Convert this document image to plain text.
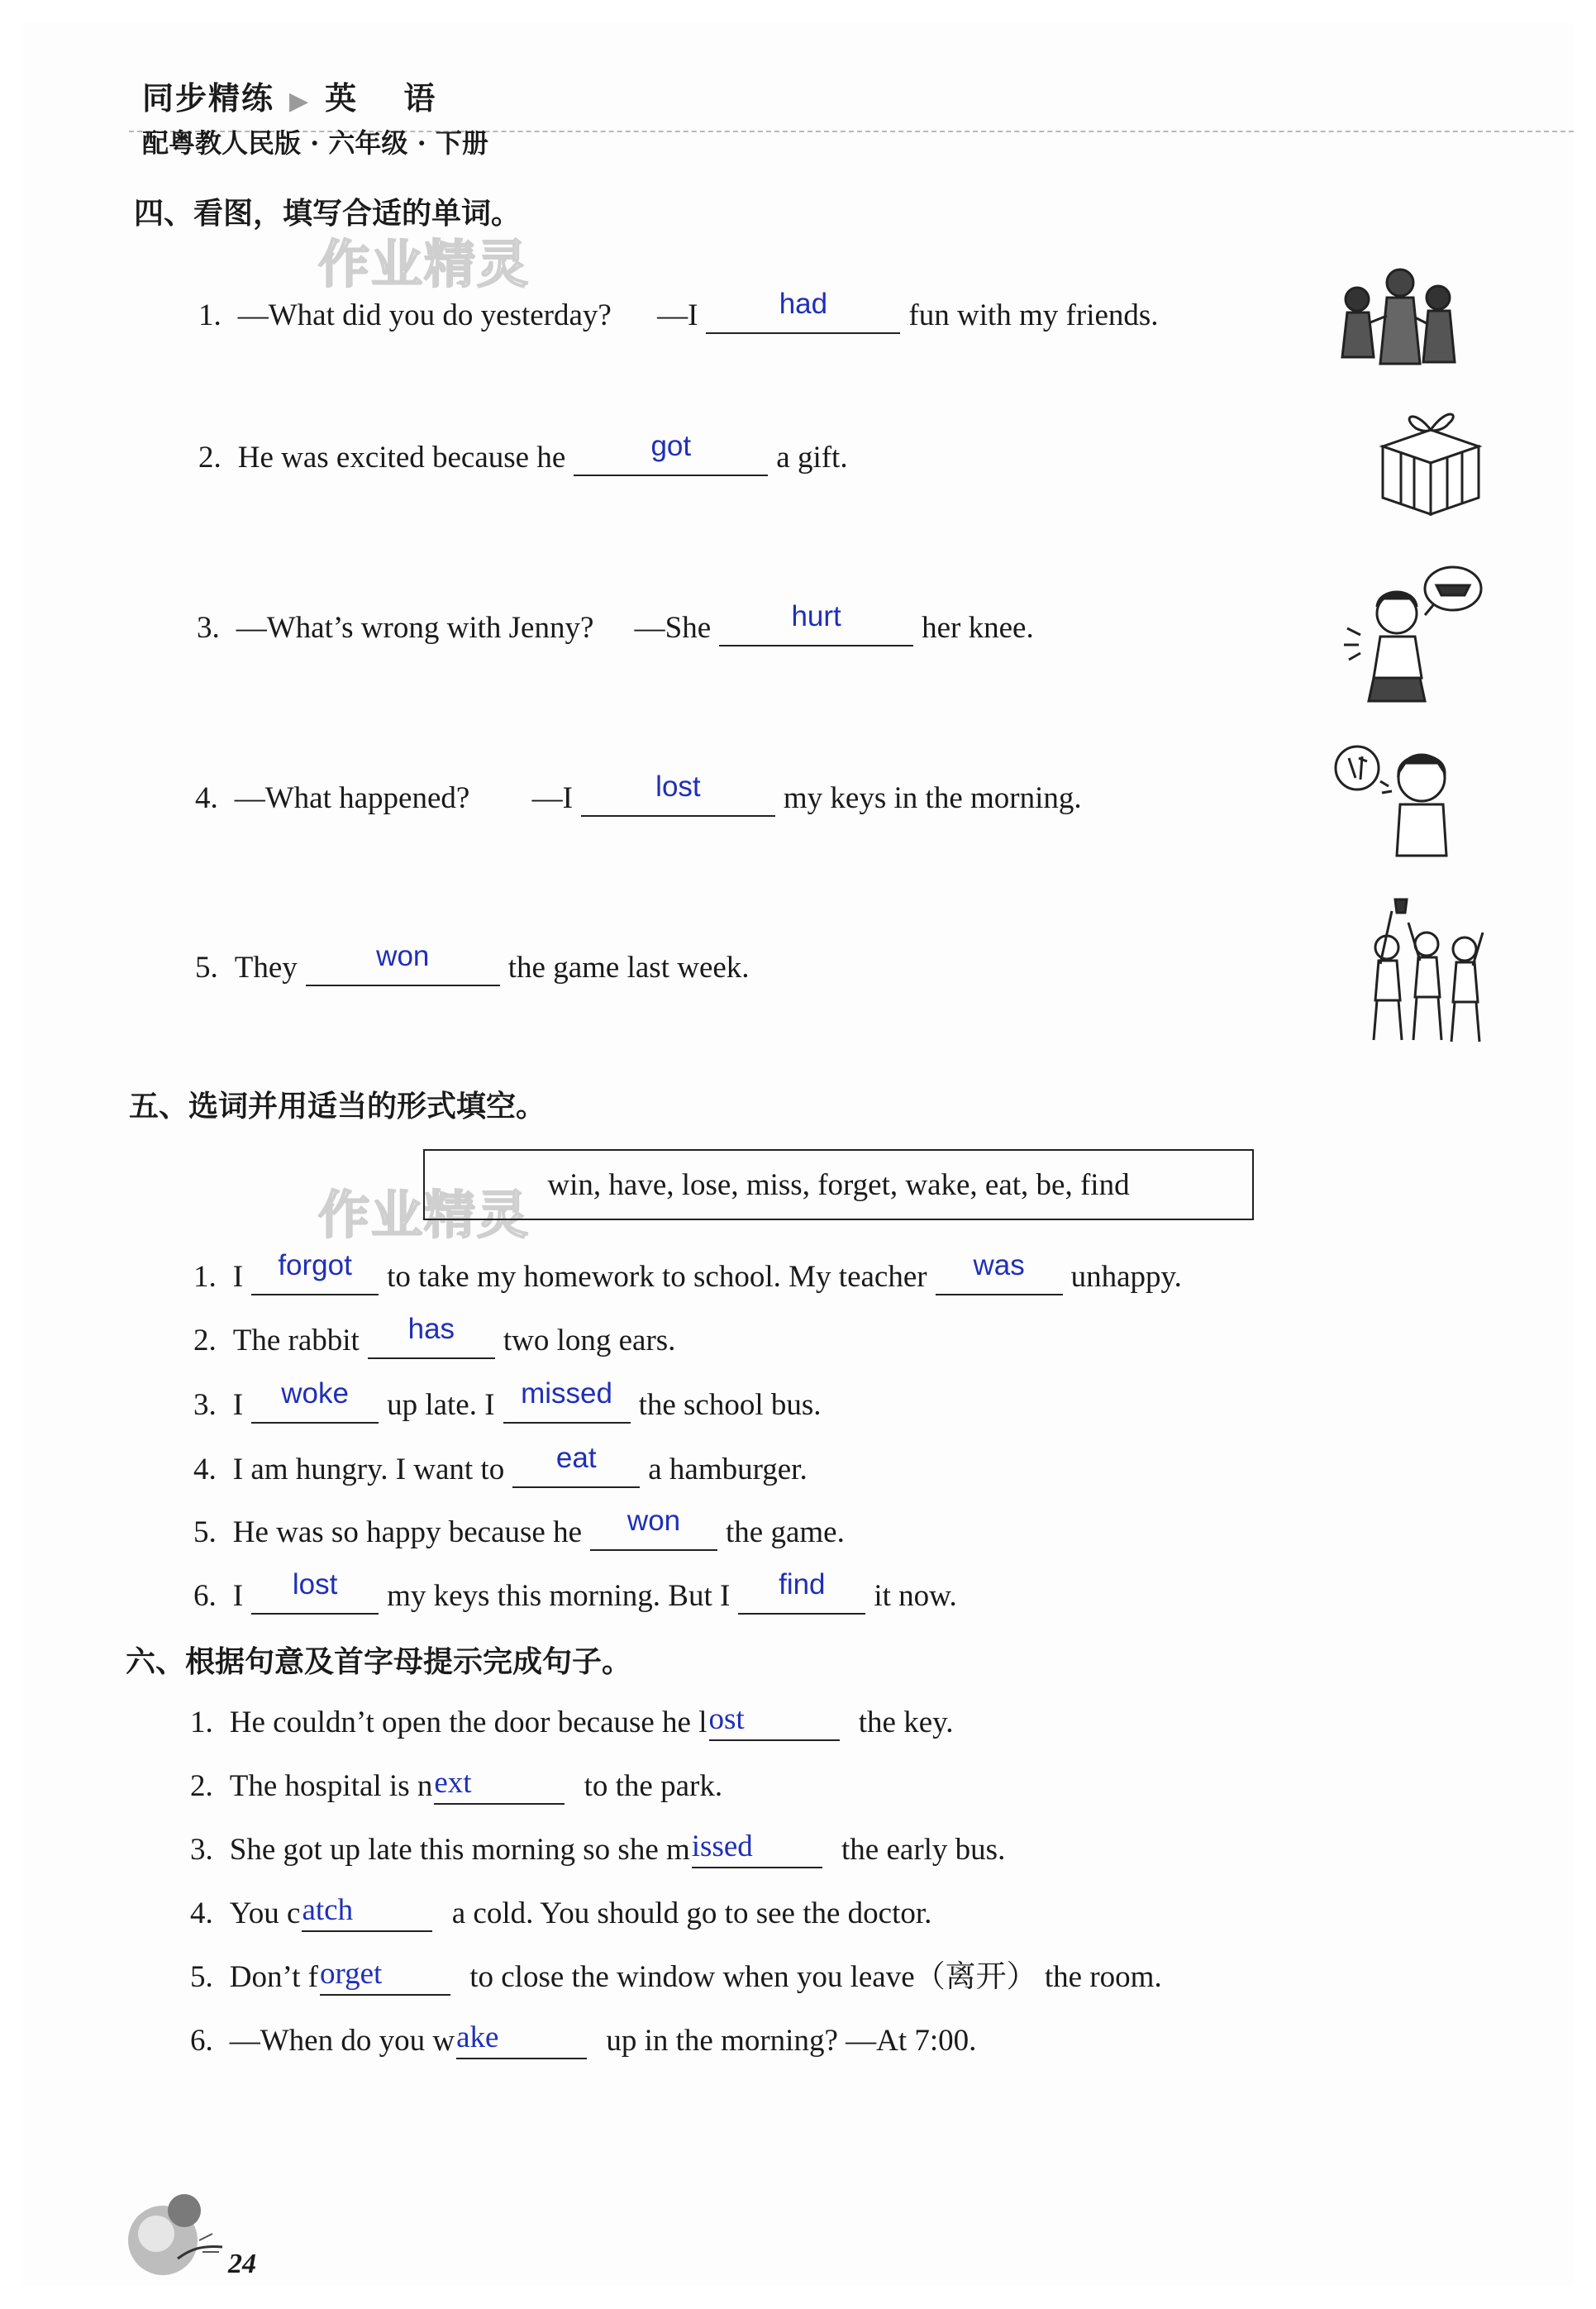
同步精练 ▶ 英 语
配粤教人民版 · 六年级 · 下册
作业精灵
作业精灵
四、看图，填写合适的单词。
1. —What did you do yesterday? —I	had	fun with my friends.
2. He was excited because he	got	a gift.
3. —What’s wrong with Jenny? —She	hurt	her knee.
4. —What happened? —I	lost	my keys in the morning.
5. They	won	the game last week.
五、选词并用适当的形式填空。
win, have, lose, miss, forget, wake, eat, be, find
1. I	forgot	to take my homework to school. My teacher	was	unhappy.
2. The rabbit	has	two long ears.
3. I	woke	up late. I missed the school bus.
4. I am hungry. I want to	eat	a hamburger.
5. He was so happy because he	won	the game.
6. I	lost	my keys this morning. But I	find	it now.
六、根据句意及首字母提示完成句子。
1. He couldn’t open the door because he l ost	the key.
2. The hospital is n ext	to the park.
3. She got up late this morning so she m issed	the early bus.
4. You c atch	a cold. You should go to see the doctor.
5. Don’t f orget	to close the window when you leave（离开） the room.
6. —When do you w ake	up in the morning? —At 7:00.
24
